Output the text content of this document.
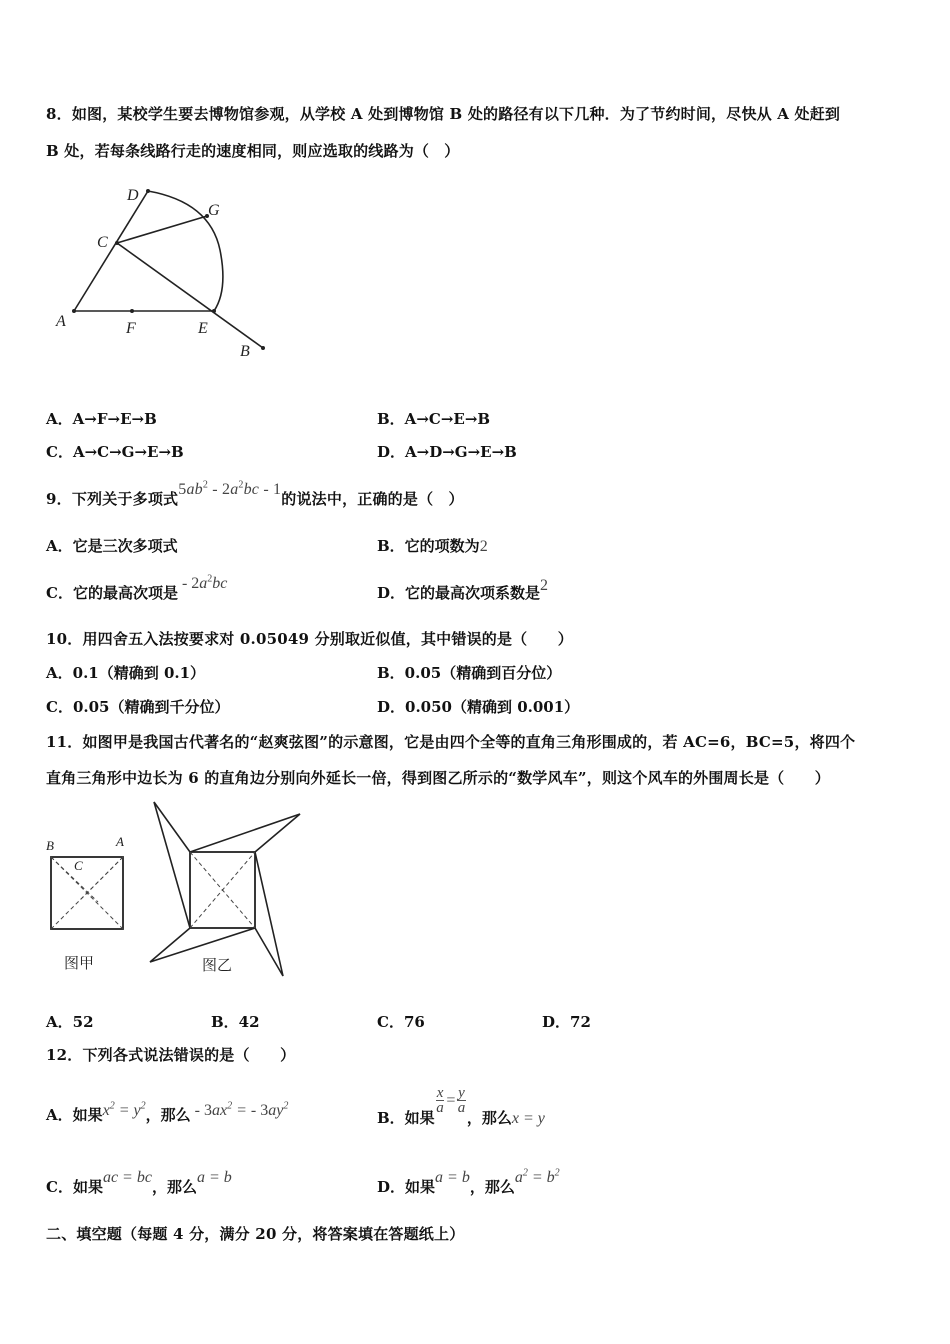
8．如图，某校学生要去博物馆参观，从学校 A 处到博物馆 B 处的路径有以下几种．为了节约时间，尽快从 A 处赶到
B 处，若每条线路行走的速度相同，则应选取的线路为（　）
D
G
C
A	F	E
B
A．A→F→E→B	B．A→C→E→B
C．A→C→G→E→B	D．A→D→G→E→B
9．下列关于多项式$5ab^2 - 2a^2bc - 1$的说法中，正确的是（　）
A．它是三次多项式	B．它的项数为2
C．它的最高次项是 - $2a^2bc$
D．它的最高次项系数是2
10．用四舍五入法按要求对 0.05049 分别取近似值，其中错误的是（　　）
A．0.1（精确到 0.1）	B．0.05（精确到百分位）
C．0.05（精确到千分位）	D．0.050（精确到 0.001）
11．如图甲是我国古代著名的“赵爽弦图”的示意图，它是由四个全等的直角三角形围成的，若 AC=6，BC=5，将四个
直角三角形中边长为 6 的直角边分别向外延长一倍，得到图乙所示的“数学风车”，则这个风车的外围周长是（　　）
B	A
C
图甲	图乙
A．52	B．42	C．76	D．72
12．下列各式说法错误的是（　　）
A．如果$x^2 = y^2$，那么 - $3ax^2$ = - $3ay^2$
B．如果
$\frac{x}{a} = \frac{y}{a}$
，那么x = y
C．如果ac = bc，那么a = b
D．如果a = b，那么$a^2 = b^2$
二、填空题（每题 4 分，满分 20 分，将答案填在答题纸上）
